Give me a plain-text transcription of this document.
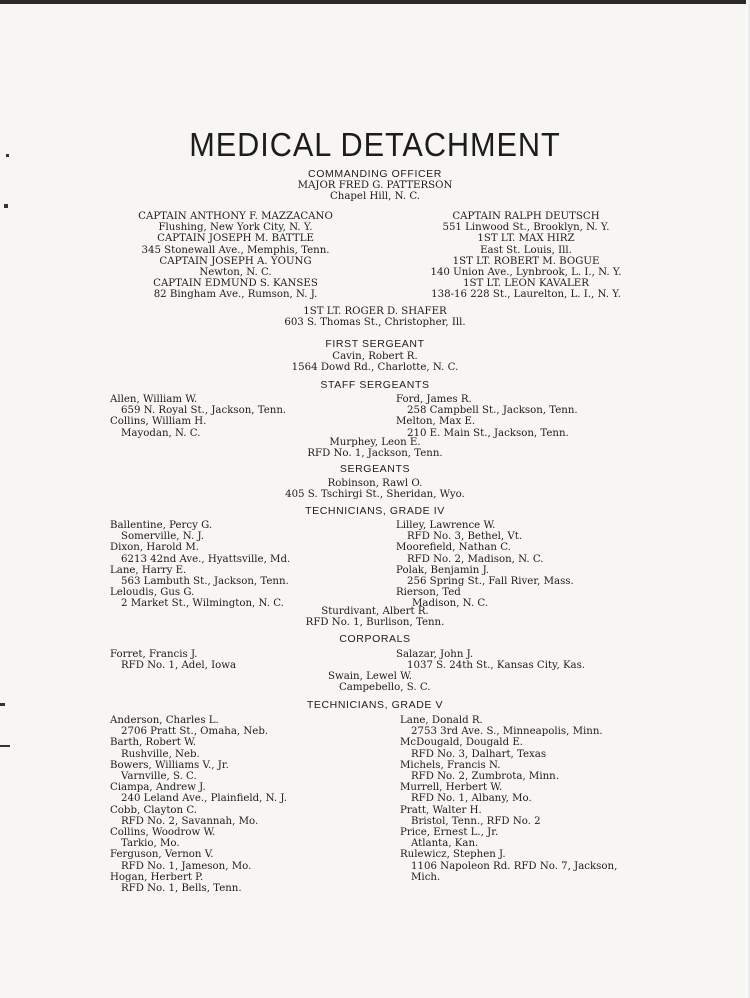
MEDICAL DETACHMENT
COMMANDING OFFICER
MAJOR FRED G. PATTERSON
Chapel Hill, N. C.
CAPTAIN ANTHONY F. MAZZACANO
Flushing, New York City, N. Y.
CAPTAIN JOSEPH M. BATTLE
345 Stonewall Ave., Memphis, Tenn.
CAPTAIN JOSEPH A. YOUNG
Newton, N. C.
CAPTAIN EDMUND S. KANSES
82 Bingham Ave., Rumson, N. J.
CAPTAIN RALPH DEUTSCH
551 Linwood St., Brooklyn, N. Y.
1ST LT. MAX HIRZ
East St. Louis, Ill.
1ST LT. ROBERT M. BOGUE
140 Union Ave., Lynbrook, L. I., N. Y.
1ST LT. LEON KAVALER
138-16 228 St., Laurelton, L. I., N. Y.
1ST LT. ROGER D. SHAFER
603 S. Thomas St., Christopher, Ill.
FIRST SERGEANT
Cavin, Robert R.
1564 Dowd Rd., Charlotte, N. C.
STAFF SERGEANTS
Allen, William W.
659 N. Royal St., Jackson, Tenn.
Collins, William H.
Mayodan, N. C.
Ford, James R.
258 Campbell St., Jackson, Tenn.
Melton, Max E.
210 E. Main St., Jackson, Tenn.
Murphey, Leon E.
RFD No. 1, Jackson, Tenn.
SERGEANTS
Robinson, Rawl O.
405 S. Tschirgi St., Sheridan, Wyo.
TECHNICIANS, GRADE IV
Ballentine, Percy G.
Somerville, N. J.
Dixon, Harold M.
6213 42nd Ave., Hyattsville, Md.
Lane, Harry E.
563 Lambuth St., Jackson, Tenn.
Leloudis, Gus G.
2 Market St., Wilmington, N. C.
Lilley, Lawrence W.
RFD No. 3, Bethel, Vt.
Moorefield, Nathan C.
RFD No. 2, Madison, N. C.
Polak, Benjamin J.
256 Spring St., Fall River, Mass.
Rierson, Ted
Madison, N. C.
Sturdivant, Albert R.
RFD No. 1, Burlison, Tenn.
CORPORALS
Forret, Francis J.
RFD No. 1, Adel, Iowa
Salazar, John J.
1037 S. 24th St., Kansas City, Kas.
Swain, Lewel W.
Campebello, S. C.
TECHNICIANS, GRADE V
Anderson, Charles L.
2706 Pratt St., Omaha, Neb.
Barth, Robert W.
Rushville, Neb.
Bowers, Williams V., Jr.
Varnville, S. C.
Ciampa, Andrew J.
240 Leland Ave., Plainfield, N. J.
Cobb, Clayton C.
RFD No. 2, Savannah, Mo.
Collins, Woodrow W.
Tarkio, Mo.
Ferguson, Vernon V.
RFD No. 1, Jameson, Mo.
Hogan, Herbert P.
RFD No. 1, Bells, Tenn.
Lane, Donald R.
2753 3rd Ave. S., Minneapolis, Minn.
McDougald, Dougald E.
RFD No. 3, Dalhart, Texas
Michels, Francis N.
RFD No. 2, Zumbrota, Minn.
Murrell, Herbert W.
RFD No. 1, Albany, Mo.
Pratt, Walter H.
Bristol, Tenn., RFD No. 2
Price, Ernest L., Jr.
Atlanta, Kan.
Rulewicz, Stephen J.
1106 Napoleon Rd. RFD No. 7, Jackson,
Mich.
